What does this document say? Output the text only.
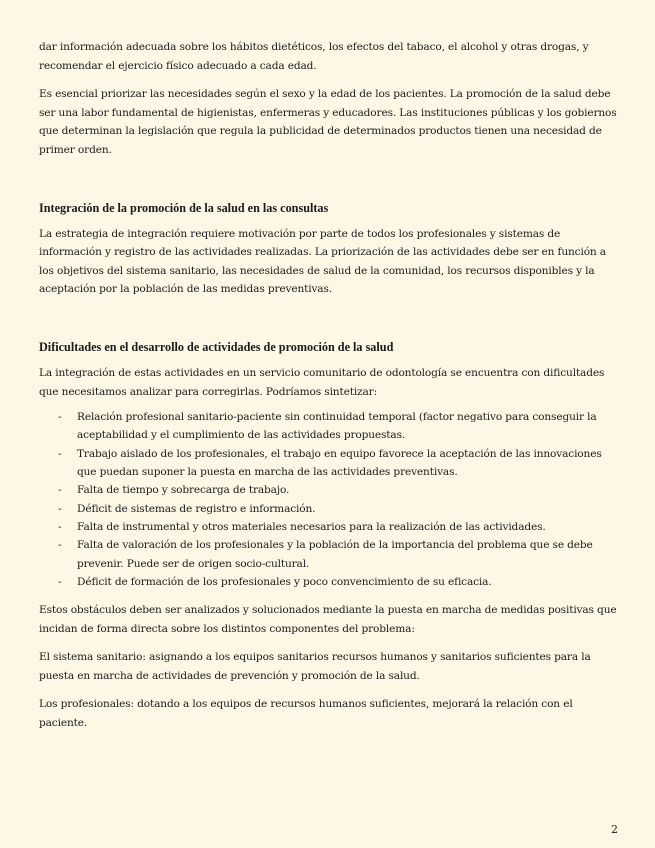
dar información adecuada sobre los hábitos dietéticos, los efectos del tabaco, el alcohol y otras drogas, y recomendar el ejercicio físico adecuado a cada edad.

Es esencial priorizar las necesidades según el sexo y la edad de los pacientes. La promoción de la salud debe ser una labor fundamental de higienistas, enfermeras y educadores. Las instituciones públicas y los gobiernos que determinan la legislación que regula la publicidad de determinados productos tienen una necesidad de primer orden.

Integración de la promoción de la salud en las consultas

La estrategia de integración requiere motivación por parte de todos los profesionales y sistemas de información y registro de las actividades realizadas. La priorización de las actividades debe ser en función a los objetivos del sistema sanitario, las necesidades de salud de la comunidad, los recursos disponibles y la aceptación por la población de las medidas preventivas.

Dificultades en el desarrollo de actividades de promoción de la salud

La integración de estas actividades en un servicio comunitario de odontología se encuentra con dificultades que necesitamos analizar para corregirlas. Podríamos sintetizar:

- Relación profesional sanitario-paciente sin continuidad temporal (factor negativo para conseguir la aceptabilidad y el cumplimiento de las actividades propuestas.
- Trabajo aislado de los profesionales, el trabajo en equipo favorece la aceptación de las innovaciones que puedan suponer la puesta en marcha de las actividades preventivas.
- Falta de tiempo y sobrecarga de trabajo.
- Déficit de sistemas de registro e información.
- Falta de instrumental y otros materiales necesarios para la realización de las actividades.
- Falta de valoración de los profesionales y la población de la importancia del problema que se debe prevenir. Puede ser de origen socio-cultural.
- Déficit de formación de los profesionales y poco convencimiento de su eficacia.

Estos obstáculos deben ser analizados y solucionados mediante la puesta en marcha de medidas positivas que incidan de forma directa sobre los distintos componentes del problema:

El sistema sanitario: asignando a los equipos sanitarios recursos humanos y sanitarios suficientes para la puesta en marcha de actividades de prevención y promoción de la salud.

Los profesionales: dotando a los equipos de recursos humanos suficientes, mejorará la relación con el paciente.

2
